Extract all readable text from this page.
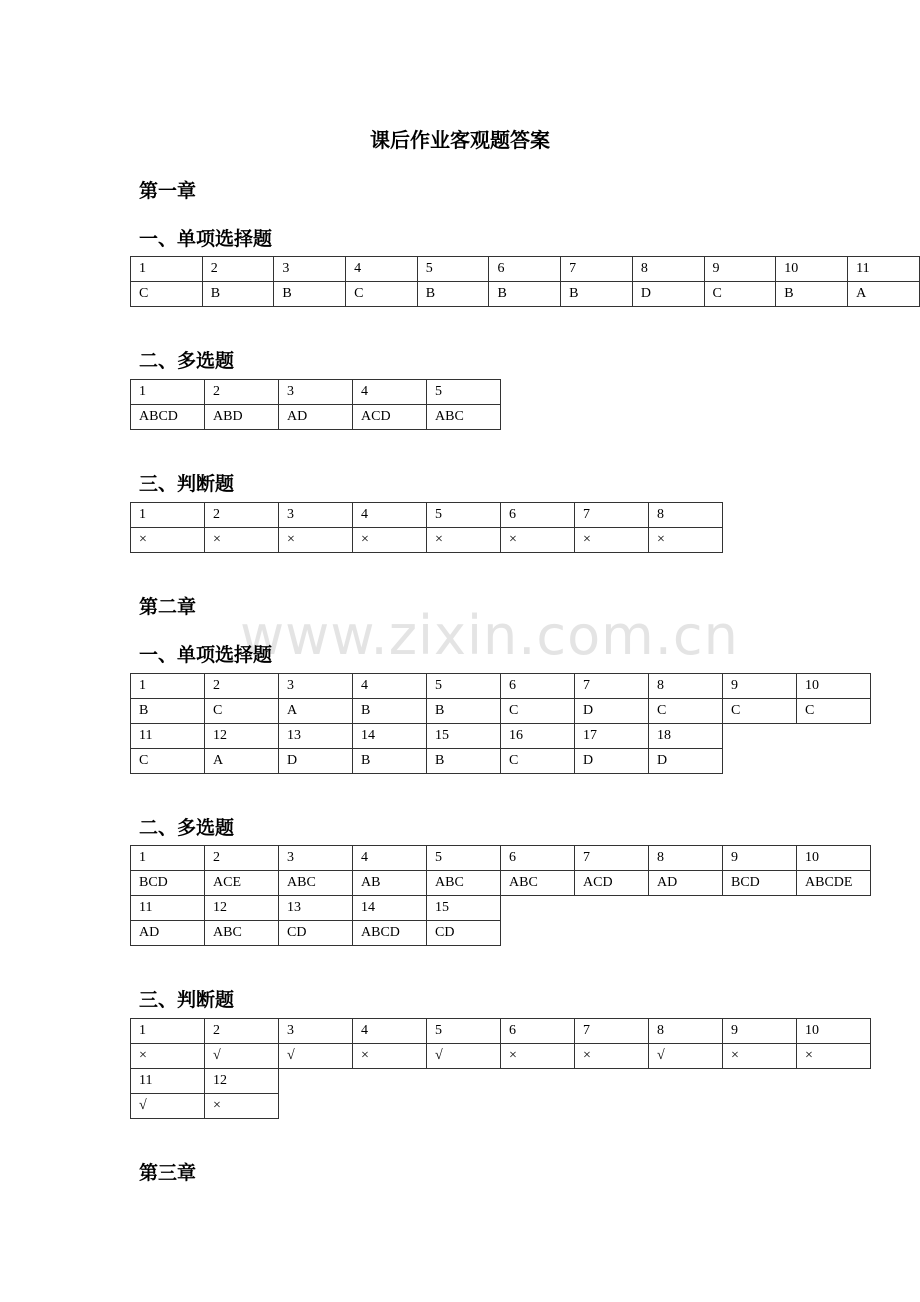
www.zixin.com.cn
课后作业客观题答案
第一章
一、单项选择题
1	2	3	4	5	6	7	8	9	10	11
C	B	B	C	B	B	B	D	C	B	A
二、多选题
1	2	3	4	5
ABCD	ABD	AD	ACD	ABC
三、判断题
1	2	3	4	5	6	7	8
×	×	×	×	×	×	×	×
第二章
一、单项选择题
1	2	3	4	5	6	7	8	9	10
B	C	A	B	B	C	D	C	C	C
11	12	13	14	15	16	17	18		
C	A	D	B	B	C	D	D		
二、多选题
1	2	3	4	5	6	7	8	9	10
BCD	ACE	ABC	AB	ABC	ABC	ACD	AD	BCD	ABCDE
11	12	13	14	15					
AD	ABC	CD	ABCD	CD					
三、判断题
1	2	3	4	5	6	7	8	9	10
×	√	√	×	√	×	×	√	×	×
11	12								
√	×								
第三章
